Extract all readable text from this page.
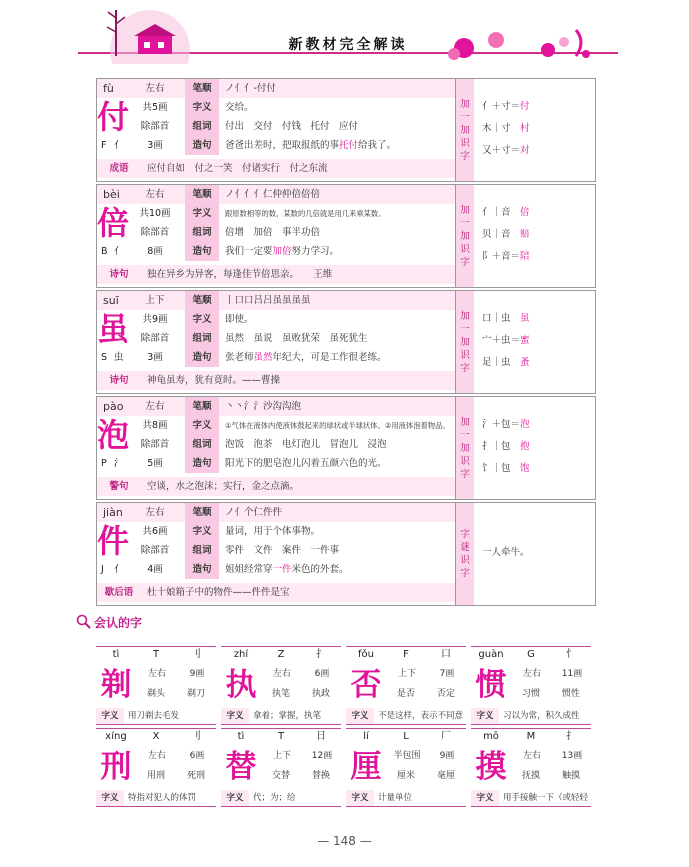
新教材完全解读
fù	左右	笔顺	ノ亻亻-付付
付	共5画	字义	交给。
除部首	组词	付出　交付　付钱　托付　应付
F 亻	3画	造句	爸爸出差时，把取报纸的事托付给我了。
成语	应付自如　付之一笑　付诸实行　付之东流
加
一
加
识
字
亻＋寸＝付
木｜寸　村
又＋寸＝对
bèi	左右	笔顺	ノ亻亻亻仁仲仲倍倍倍
倍	共10画	字义	跟原数相等的数，某数的几倍就是用几来乘某数。
除部首	组词	倍增　加倍　事半功倍
B 亻	8画	造句	我们一定要加倍努力学习。
诗句	独在异乡为异客，每逢佳节倍思亲。　　王维
加
一
加
识
字
亻｜音　倍
贝｜音　赔
阝＋音＝陪
suī	上下	笔顺	丨口口吕吕虽虽虽虽
虽	共9画	字义	即使。
除部首	组词	虽然　虽说　虽败犹荣　虽死犹生
S 虫	3画	造句	张老师虽然年纪大，可是工作很老练。
诗句	神龟虽寿，犹有竟时。——曹操
加
一
加
识
字
口｜虫　虽
宀＋虫＝蜜
足｜虫　蚤
pào	左右	笔顺	丶丶氵氵沙沟沟泡
泡	共8画	字义	①气体在液体内使液体鼓起来的球状或半球状体。②用液体泡着物品。
除部首	组词	泡饭　泡茶　电灯泡儿　冒泡儿　浸泡
P 氵	5画	造句	阳光下的肥皂泡儿闪着五颜六色的光。
警句	空谈，水之泡沫；实行，金之点滴。
加
一
加
识
字
氵＋包＝泡
扌｜包　抱
饣｜包　饱
jiàn	左右	笔顺	ノ亻个仁件件
件	共6画	字义	量词，用于个体事物。
除部首	组词	零件　文件　案件　一件事
J 亻	4画	造句	姐姐经常穿一件米色的外套。
歇后语	杜十娘箱子中的物件——件件是宝
字
谜
识
字
一人牵牛。
会认的字
tì	T	刂
剃	左右	9画
剃头	剃刀
字义	用刀剃去毛发
zhí	Z	扌
执	左右	6画
执笔	执政
字义	拿着；掌握，执笔
fǒu	F	口
否	上下	7画
是否	否定
字义	不是这样，表示不同意
guàn	G	忄
惯	左右	11画
习惯	惯性
字义	习以为常，积久成性
xíng	X	刂
刑	左右	6画
用刑	死刑
字义	特指对犯人的体罚
tì	T	日
替	上下	12画
交替	替换
字义	代；为；给
lí	L	厂
厘	半包围	9画
厘米	毫厘
字义	计量单位
mō	M	扌
摸	左右	13画
抚摸	触摸
字义	用手接触一下（或轻轻
— 148 —
